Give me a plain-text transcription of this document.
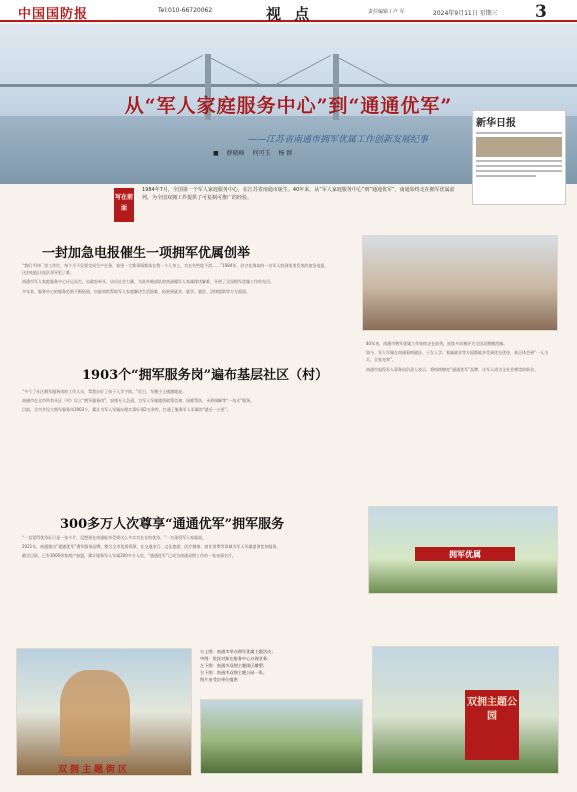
中国国防报	Tel:010-66720062	视 点	责任编辑 / 卢 军	2024年9月11日 星期三 3
从“军人家庭服务中心”到“通通优军”
——江苏省南通市拥军优属工作创新发展纪事
■ 薛晓峰 何可玉 杨 群
新华日报
写在前面
1984年7月，全国第一个军人家庭服务中心，在江苏省南通市诞生。40年来，从“军人家庭服务中心”到“通通优军”，南通始终走在拥军优属前列，为全国双拥工作提供了可复制可推广的经验。
一封加急电报催生一项拥军优属创举

“我们平时厂里工作忙，每个月不仅要完成生产任务，家里一大堆事情都落在我一个人身上，实在有些吃不消……”1984年，驻守在海岛的一名军人收到家里发来的加急电报，这封电报让连队领导犯了难。

南通市军人家庭服务中心应运而生，由政府牵头，动员社会力量，为驻外地部队的南通籍军人家属排忧解难，开创了全国拥军优属工作的先河。

多年来，服务中心的服务范围不断拓展，由最初的帮助军人家庭解决生活困难，拓展到就业、就学、就医、法律援助等方方面面。

40年来，南通市拥军优属工作始终走在前列，连续多次被评为全国双拥模范城。

如今，军人军属在南通看病就医、子女入学、家属就业等方面都能享受到优先优待，真正体会到“一人当兵，全家光荣”。

南通市退役军人事务局负责人表示，将持续擦亮“通通优军”品牌，让军人成为全社会尊崇的职业。

1903个“拥军服务岗”遍布基层社区（村）

“多亏了社区拥军服务岗的工作人员，帮我办好了孩子入学手续。”近日，军嫂小王感激地说。

南通市在全市所有社区（村）设立“拥军服务岗”，安排专人负责，为军人军属提供政策咨询、困难帮扶、矛盾调解等“一站式”服务。

目前，全市共设立拥军服务岗1903个，累计为军人军属办理实事好事2万余件，打通了服务军人军属的“最后一公里”。

拥军优属
300多万人次尊享“通通优军”拥军服务

“一直觉得优待证只是一张卡片，没想到在南通能享受到这么多实实在在的优待。”一名现役军人家属说。

2021年，南通推出“通通优军”拥军服务品牌，整合全市优质资源，在交通出行、文化旅游、医疗健康、商业消费等领域为军人军属提供优待服务。

截至目前，已有3000余家商户加盟，累计服务军人军属300多万人次，“通通优军”已成为南通双拥工作的一张亮丽名片。

双拥主题街区
双拥主题公园
右上图：南通市举办拥军优属主题活动；
中图：优抚对象在服务中心办理业务；
左下图：南通市双拥主题街区雕塑；
右下图：南通市双拥主题公园一角。
图片由受访单位提供
